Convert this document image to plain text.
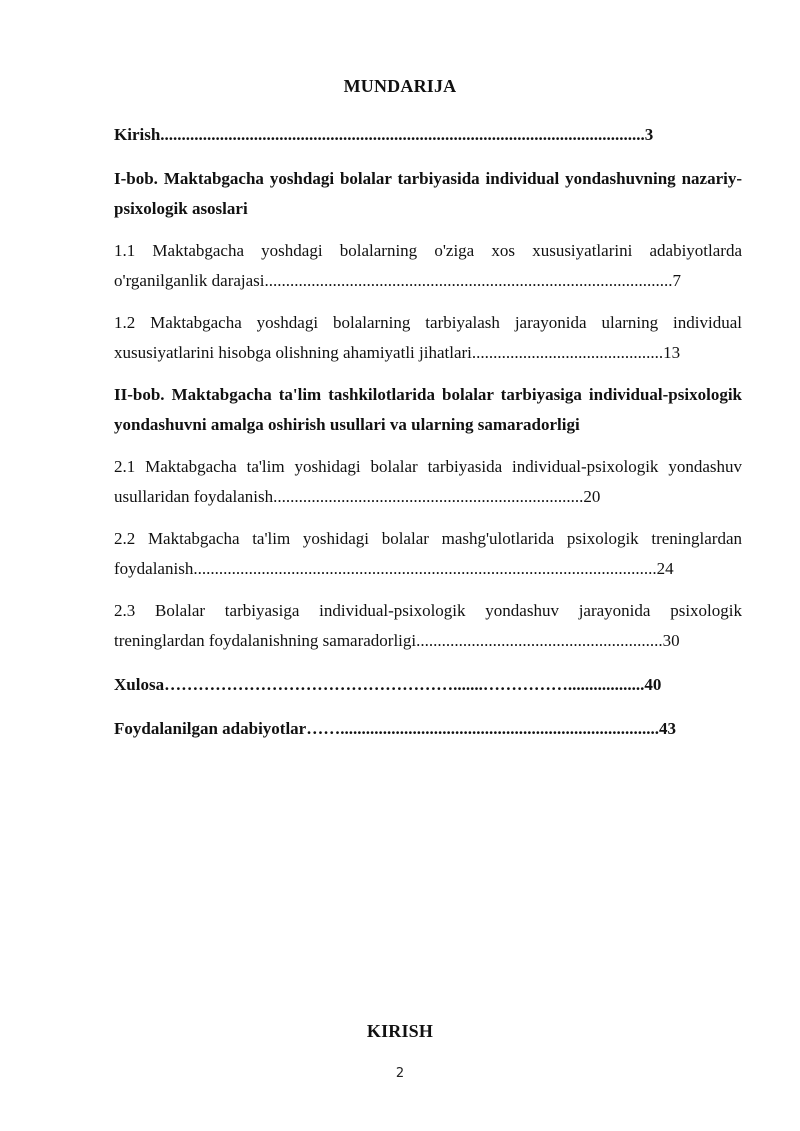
MUNDARIJA
Kirish..................................................................................................................3
I-bob. Maktabgacha yoshdagi bolalar tarbiyasida individual yondashuvning nazariy-psixologik asoslari
1.1 Maktabgacha yoshdagi bolalarning o'ziga xos xususiyatlarini adabiyotlarda o'rganilganlik darajasi................................................................................................7
1.2 Maktabgacha yoshdagi bolalarning tarbiyalash jarayonida ularning individual xususiyatlarini hisobga olishning ahamiyatli jihatlari.............................................13
II-bob. Maktabgacha ta'lim tashkilotlarida bolalar tarbiyasiga individual-psixologik yondashuvni amalga oshirish usullari va ularning samaradorligi
2.1 Maktabgacha ta'lim yoshidagi bolalar tarbiyasida individual-psixologik yondashuv usullaridan foydalanish.........................................................................20
2.2 Maktabgacha ta'lim yoshidagi bolalar mashg'ulotlarida psixologik treninglardan foydalanish.............................................................................................................24
2.3 Bolalar tarbiyasiga individual-psixologik yondashuv jarayonida psixologik treninglardan foydalanishning samaradorligi..........................................................30
Xulosa…………………………………………….......……………..................40
Foydalanilgan adabiyotlar……...........................................................................43
KIRISH
2
